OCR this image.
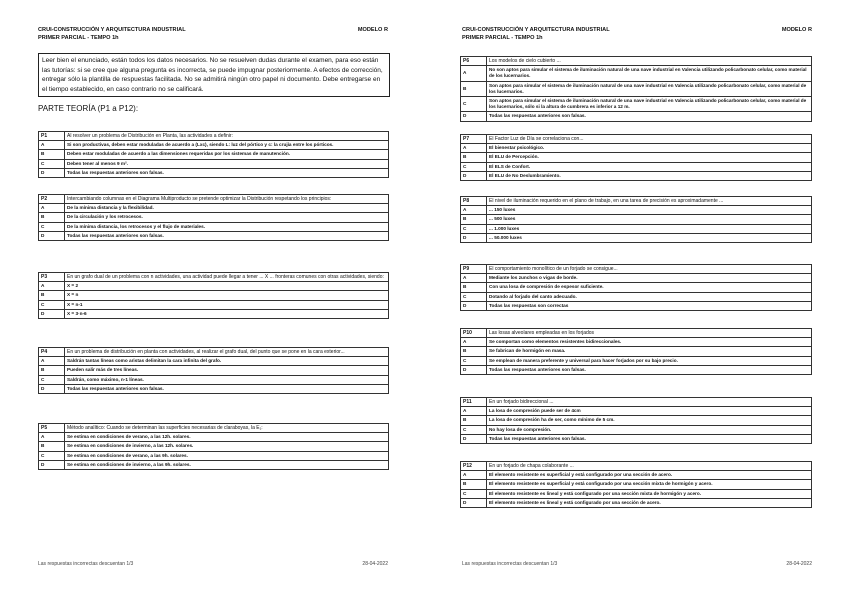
CRUI-CONSTRUCCIÓN Y ARQUITECTURA INDUSTRIAL
PRIMER PARCIAL - TEMPO 1h
MODELO R
Leer bien el enunciado, están todos los datos necesarios. No se resuelven dudas durante el examen, para eso están las tutorías: si se cree que alguna pregunta es incorrecta, se puede impugnar posteriormente. A efectos de corrección, entregar sólo la plantilla de respuestas facilitada. No se admitirá ningún otro papel ni documento. Debe entregarse en el tiempo establecido, en caso contrario no se calificará.
PARTE TEORÍA (P1 a P12):
Las respuestas incorrectas descuentan 1/3	28-04-2022
P1	Al resolver un problema de Distribución en Planta, las actividades a definir:
A	Si son productivas, deben estar moduladas de acuerdo a (Lxc), siendo L: luz del pórtico y c: la crujía entre los pórticos.
B	Deben estar moduladas de acuerdo a las dimensiones requeridas por los sistemas de manutención.
C	Deben tener al menos 9 m².
D	Todas las respuestas anteriores son falsas.
P2	Intercambiando columnas en el Diagrama Multiproducto se pretende optimizar la Distribución respetando los principios:
A	De la mínima distancia y la flexibilidad.
B	De la circulación y los retrocesos.
C	De la mínima distancia, los retrocesos y el flujo de materiales.
D	Todas las respuestas anteriores son falsas.
P3	En un grafo dual de un problema con n actividades, una actividad puede llegar a tener ... X ... fronteras comunes con otras actividades, siendo:
A	X = 2
B	X = n
C	X = n-1
D	X = 3·n-6
P4	En un problema de distribución en planta con actividades, al realizar el grafo dual, del punto que se pone en la cara exterior...
A	Saldrán tantas líneas como aristas delimitan la cara infinita del grafo.
B	Pueden salir más de tres líneas.
C	Saldrán, como máximo, n-1 líneas.
D	Todas las respuestas anteriores son falsas.
P5	Método analítico: Cuando se determinan las superficies necesarias de claraboyas, la E₁:
A	Se estima en condiciones de verano, a las 12h. solares.
B	Se estima en condiciones de invierno, a las 12h. solares.
C	Se estima en condiciones de verano, a las 9h. solares.
D	Se estima en condiciones de invierno, a las 9h. solares.
CRUI-CONSTRUCCIÓN Y ARQUITECTURA INDUSTRIAL
PRIMER PARCIAL - TEMPO 1h
MODELO R
Las respuestas incorrectas descuentan 1/3	28-04-2022
P6	Los modelos de cielo cubierto ...
A	No son aptos para simular el sistema de iluminación natural de una nave industrial en Valencia utilizando policarbonato celular, como material de los lucernarios.
B	Son aptos para simular el sistema de iluminación natural de una nave industrial en Valencia utilizando policarbonato celular, como material de los lucernarios.
C	Son aptos para simular el sistema de iluminación natural de una nave industrial en Valencia utilizando policarbonato celular, como material de los lucernarios, sólo si la altura de cumbrera es inferior a 12 m.
D	Todas las respuestas anteriores son falsas.
P7	El Factor Luz de Día se correlaciona con...
A	El bienestar psicológico.
B	El ELU de Percepción.
C	El ELS de Confort.
D	El ELU de No Deslumbramiento.
P8	El nivel de iluminación requerido en el plano de trabajo, en una tarea de precisión es aproximadamente ...
A	... 150 luxes
B	... 500 luxes
C	... 1.000 luxes
D	... 50.000 luxes
P9	El comportamiento monolítico de un forjado se consigue...
A	Mediante los zunchos o vigas de borde.
B	Con una losa de compresión de espesor suficiente.
C	Dotando al forjado del canto adecuado.
D	Todas las respuestas son correctas
P10	Las losas alveolares empleadas en los forjados
A	Se comportan como elementos resistentes bidireccionales.
B	Se fabrican de hormigón en masa.
C	Se emplean de manera preferente y universal para hacer forjados por su bajo precio.
D	Todas las respuestas anteriores son falsas.
P11	En un forjado bidireccional ...
A	La losa de compresión puede ser de 4cm
B	La losa de compresión ha de ser, como mínimo de 5 cm.
C	No hay losa de compresión.
D	Todas las respuestas anteriores son falsas.
P12	En un forjado de chapa colaborante ...
A	El elemento resistente es superficial y está configurado por una sección de acero.
B	El elemento resistente es superficial y está configurado por una sección mixta de hormigón y acero.
C	El elemento resistente es lineal y está configurado por una sección mixta de hormigón y acero.
D	El elemento resistente es lineal y está configurado por una sección de acero.
